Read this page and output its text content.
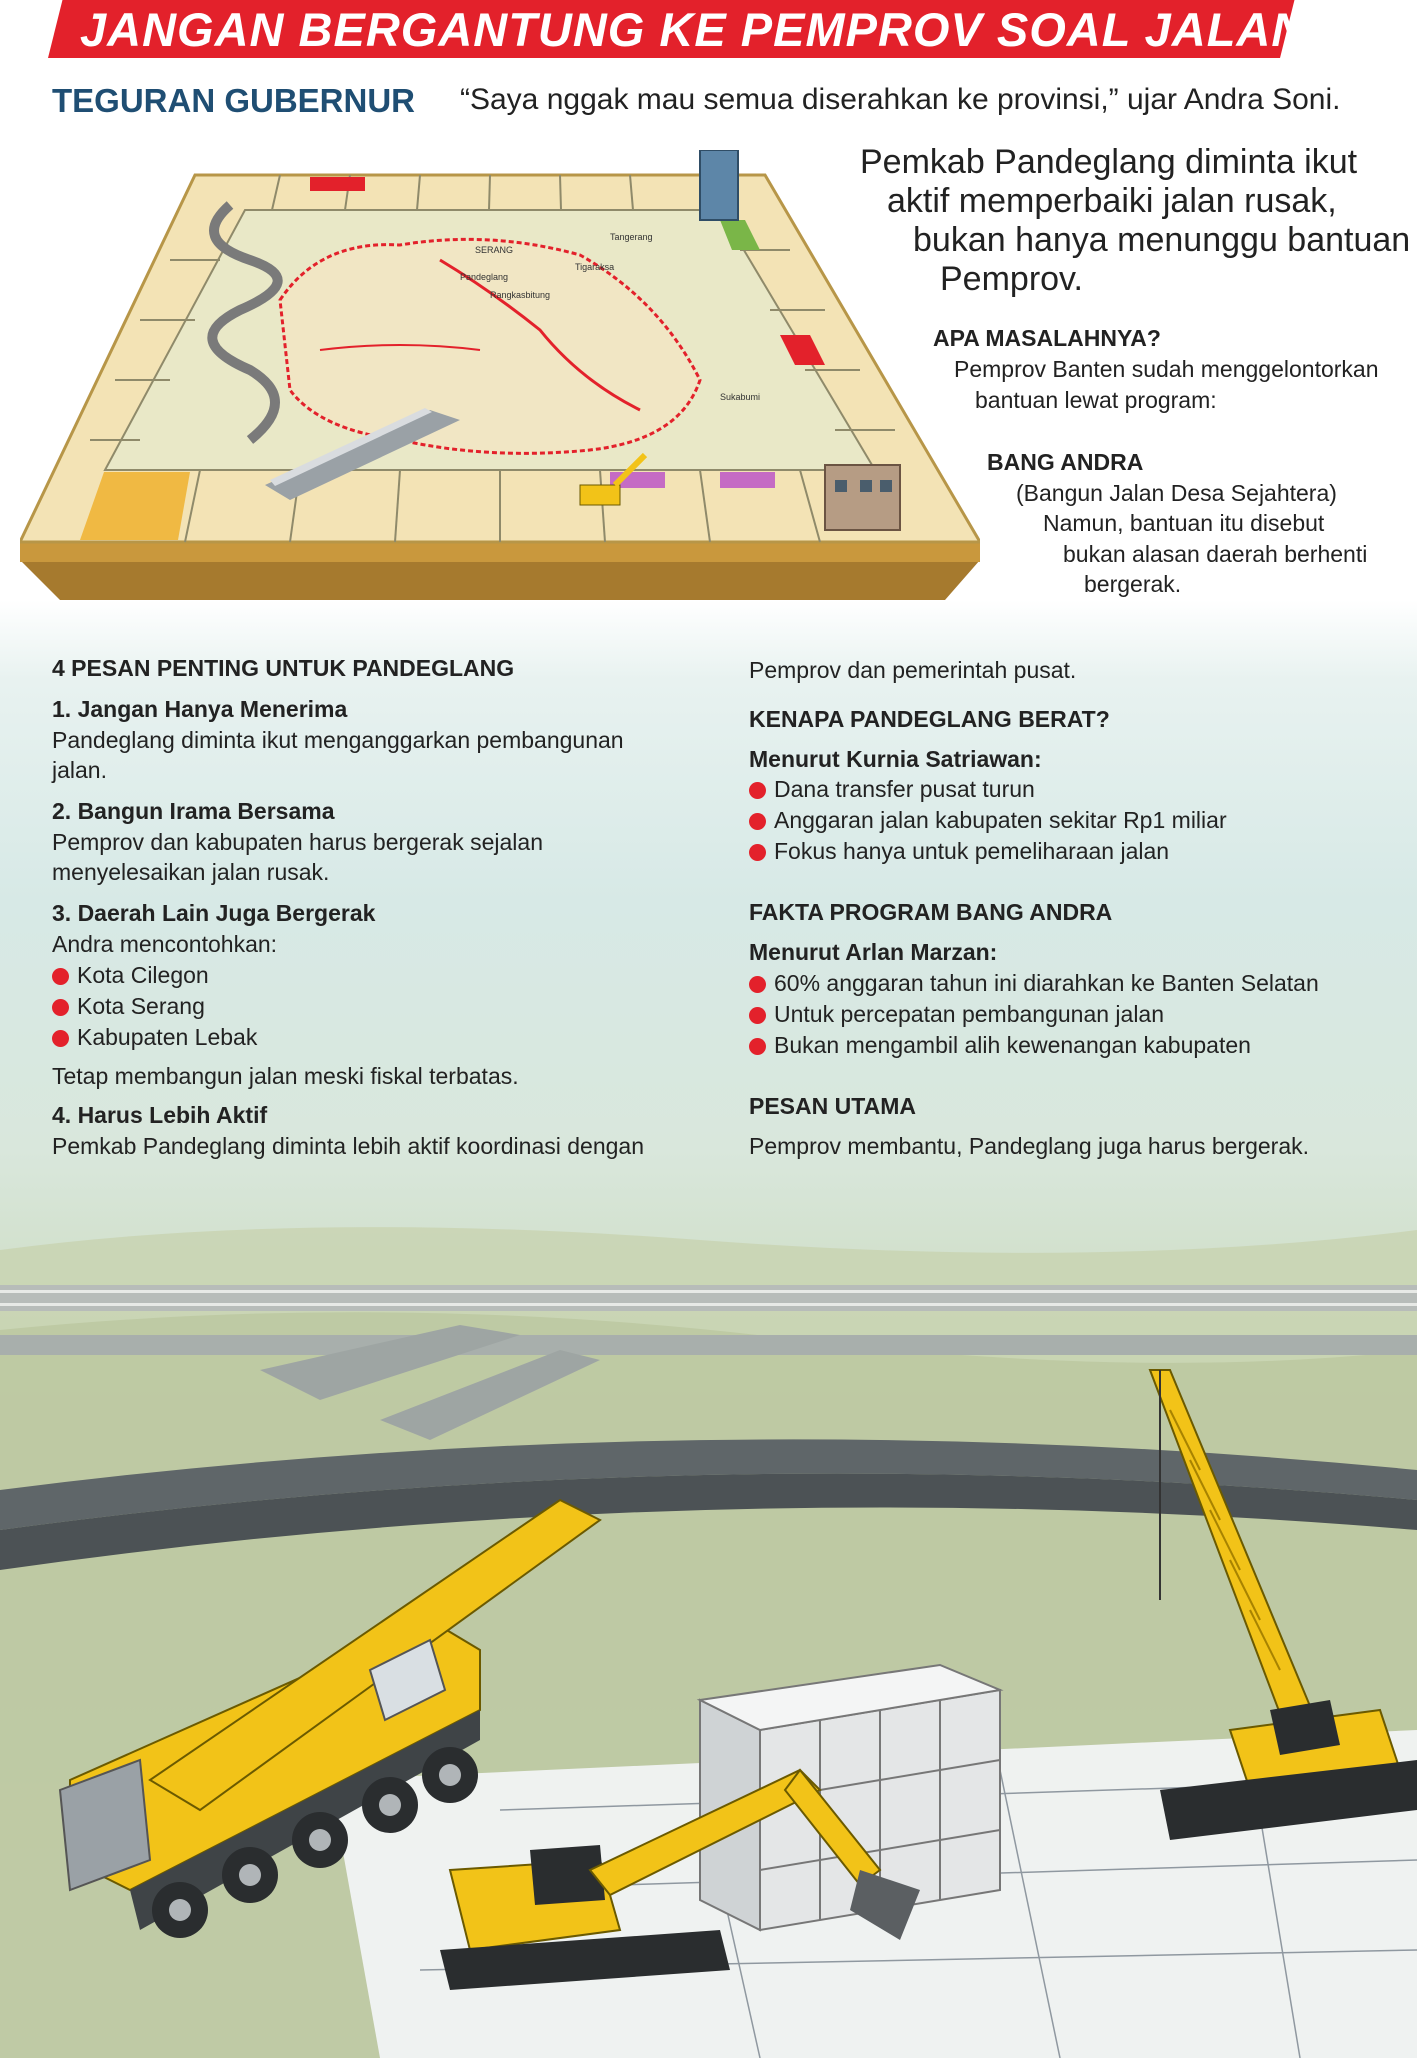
JANGAN BERGANTUNG KE PEMPROV SOAL JALAN
TEGURAN GUBERNUR “Saya nggak mau semua diserahkan ke provinsi,” ujar Andra Soni.
SERANG
Tangerang
Tigaraksa
Pandeglang
Rangkasbitung
Sukabumi
Pemkab Pandeglang diminta ikut
aktif memperbaiki jalan rusak,
bukan hanya menunggu bantuan
Pemprov.
APA MASALAHNYA?
Pemprov Banten sudah menggelontorkan
bantuan lewat program:
BANG ANDRA
(Bangun Jalan Desa Sejahtera)
Namun, bantuan itu disebut
bukan alasan daerah berhenti
bergerak.
4 PESAN PENTING UNTUK PANDEGLANG
1. Jangan Hanya Menerima
Pandeglang diminta ikut menganggarkan pembangunan
jalan.
2. Bangun Irama Bersama
Pemprov dan kabupaten harus bergerak sejalan
menyelesaikan jalan rusak.
3. Daerah Lain Juga Bergerak
Andra mencontohkan:
Kota Cilegon
Kota Serang
Kabupaten Lebak
Tetap membangun jalan meski fiskal terbatas.
4. Harus Lebih Aktif
Pemkab Pandeglang diminta lebih aktif koordinasi dengan
Pemprov dan pemerintah pusat.
KENAPA PANDEGLANG BERAT?
Menurut Kurnia Satriawan:
Dana transfer pusat turun
Anggaran jalan kabupaten sekitar Rp1 miliar
Fokus hanya untuk pemeliharaan jalan
FAKTA PROGRAM BANG ANDRA
Menurut Arlan Marzan:
60% anggaran tahun ini diarahkan ke Banten Selatan
Untuk percepatan pembangunan jalan
Bukan mengambil alih kewenangan kabupaten
PESAN UTAMA
Pemprov membantu, Pandeglang juga harus bergerak.
